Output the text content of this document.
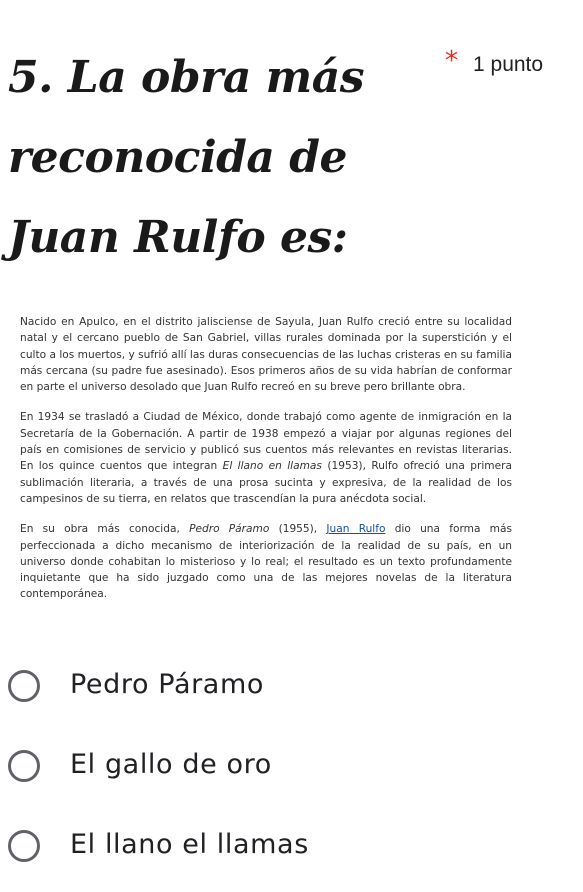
5. La obra más reconocida de Juan Rulfo es:
* 1 punto

Nacido en Apulco, en el distrito jalisciense de Sayula, Juan Rulfo creció entre su localidad natal y el cercano pueblo de San Gabriel, villas rurales dominada por la superstición y el culto a los muertos, y sufrió allí las duras consecuencias de las luchas cristeras en su familia más cercana (su padre fue asesinado). Esos primeros años de su vida habrían de conformar en parte el universo desolado que Juan Rulfo recreó en su breve pero brillante obra.

En 1934 se trasladó a Ciudad de México, donde trabajó como agente de inmigración en la Secretaría de la Gobernación. A partir de 1938 empezó a viajar por algunas regiones del país en comisiones de servicio y publicó sus cuentos más relevantes en revistas literarias. En los quince cuentos que integran El llano en llamas (1953), Rulfo ofreció una primera sublimación literaria, a través de una prosa sucinta y expresiva, de la realidad de los campesinos de su tierra, en relatos que trascendían la pura anécdota social.

En su obra más conocida, Pedro Páramo (1955), Juan Rulfo dio una forma más perfeccionada a dicho mecanismo de interiorización de la realidad de su país, en un universo donde cohabitan lo misterioso y lo real; el resultado es un texto profundamente inquietante que ha sido juzgado como una de las mejores novelas de la literatura contemporánea.

Pedro Páramo
El gallo de oro
El llano el llamas
